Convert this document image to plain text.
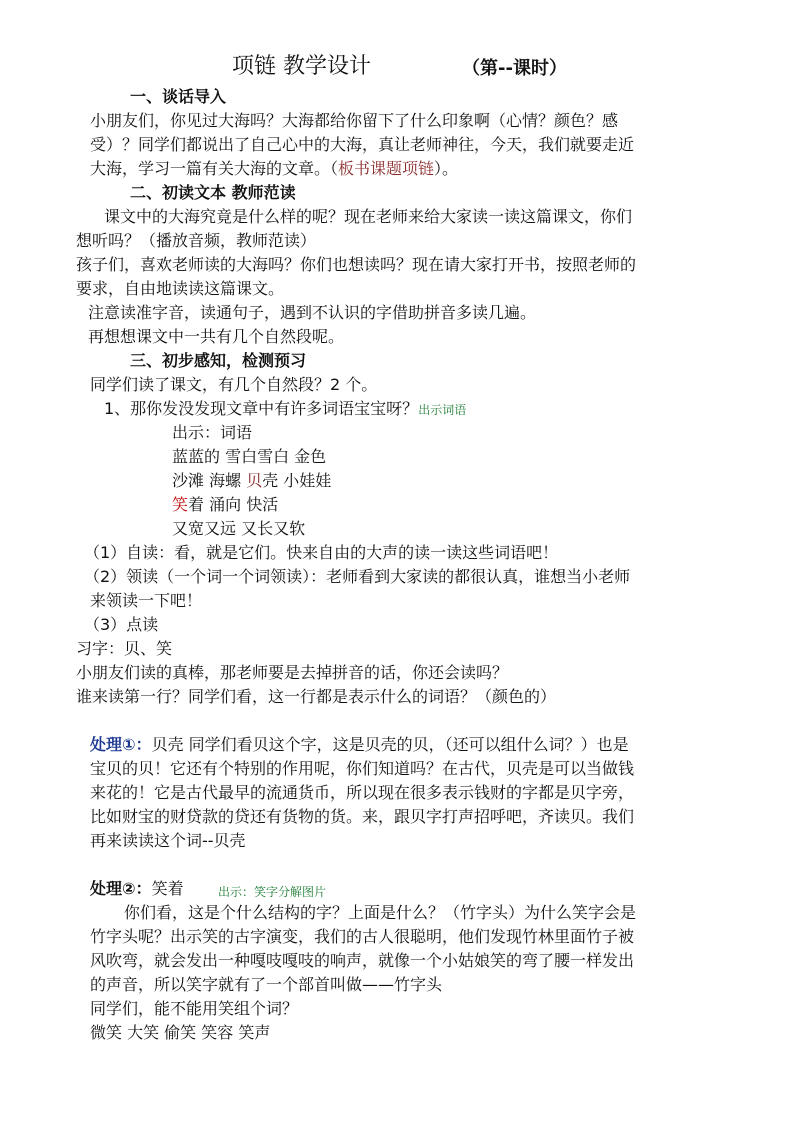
项链 教学设计	（第--课时）
一、谈话导入
小朋友们，你见过大海吗？大海都给你留下了什么印象啊（心情？颜色？感
受）？同学们都说出了自己心中的大海，真让老师神往，今天，我们就要走近
大海，学习一篇有关大海的文章。（板书课题项链）。
二、初读文本 教师范读
课文中的大海究竟是什么样的呢？现在老师来给大家读一读这篇课文，你们
想听吗？（播放音频，教师范读）
孩子们，喜欢老师读的大海吗？你们也想读吗？现在请大家打开书，按照老师的
要求，自由地读读这篇课文。
注意读准字音，读通句子，遇到不认识的字借助拼音多读几遍。
再想想课文中一共有几个自然段呢。
三、初步感知，检测预习
同学们读了课文，有几个自然段？2 个。
1、那你发没发现文章中有许多词语宝宝呀？出示词语
出示：词语
蓝蓝的 雪白雪白 金色
沙滩 海螺 贝壳 小娃娃
笑着 涌向 快活
又宽又远 又长又软
（1）自读：看，就是它们。快来自由的大声的读一读这些词语吧！
（2）领读（一个词一个词领读）：老师看到大家读的都很认真，谁想当小老师
来领读一下吧！
（3）点读
习字：贝、笑
小朋友们读的真棒，那老师要是去掉拼音的话，你还会读吗？
谁来读第一行？同学们看，这一行都是表示什么的词语？（颜色的）
处理①：贝壳 同学们看贝这个字，这是贝壳的贝，（还可以组什么词？）也是
宝贝的贝！它还有个特别的作用呢，你们知道吗？在古代，贝壳是可以当做钱
来花的！它是古代最早的流通货币，所以现在很多表示钱财的字都是贝字旁，
比如财宝的财贷款的贷还有货物的货。来，跟贝字打声招呼吧，齐读贝。我们
再来读读这个词--贝壳
处理②：笑着	出示：笑字分解图片
你们看，这是个什么结构的字？上面是什么？（竹字头）为什么笑字会是
竹字头呢？出示笑的古字演变，我们的古人很聪明，他们发现竹林里面竹子被
风吹弯，就会发出一种嘎吱嘎吱的响声，就像一个小姑娘笑的弯了腰一样发出
的声音，所以笑字就有了一个部首叫做——竹字头
同学们，能不能用笑组个词？
微笑 大笑 偷笑 笑容 笑声
